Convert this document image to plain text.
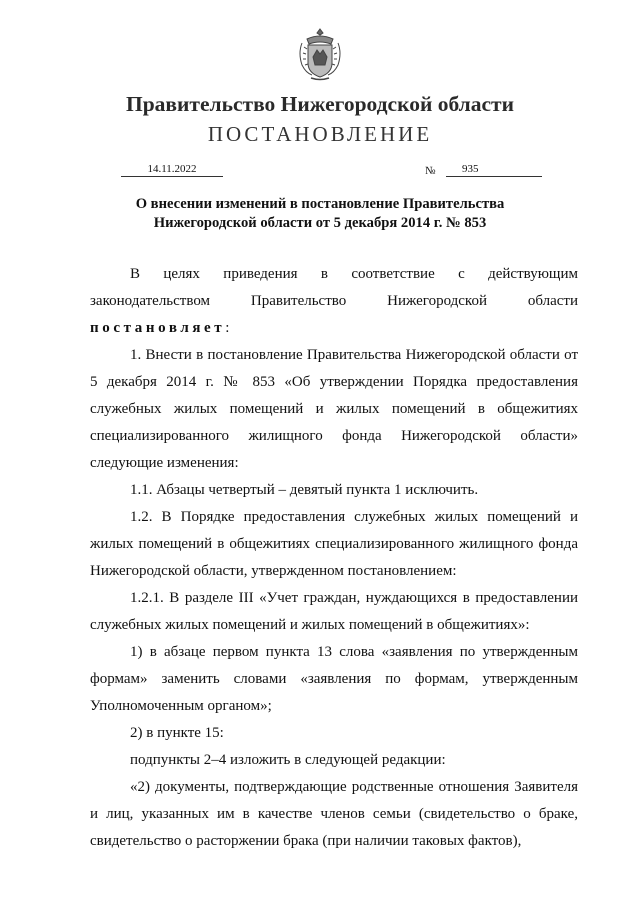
Правительство Нижегородской области
ПОСТАНОВЛЕНИЕ
14.11.2022	№	935
О внесении изменений в постановление Правительства
Нижегородской области от 5 декабря 2014 г. № 853

В целях приведения в соответствие с действующим законодательством Правительство Нижегородской области

постановляет:

1. Внести в постановление Правительства Нижегородской области от 5 декабря 2014 г. № 853 «Об утверждении Порядка предоставления служебных жилых помещений и жилых помещений в общежитиях специализированного жилищного фонда Нижегородской области» следующие изменения:

1.1. Абзацы четвертый – девятый пункта 1 исключить.

1.2. В Порядке предоставления служебных жилых помещений и жилых помещений в общежитиях специализированного жилищного фонда Нижегородской области, утвержденном постановлением:

1.2.1. В разделе III «Учет граждан, нуждающихся в предоставлении служебных жилых помещений и жилых помещений в общежитиях»:

1) в абзаце первом пункта 13 слова «заявления по утвержденным формам» заменить словами «заявления по формам, утвержденным Уполномоченным органом»;

2) в пункте 15:

подпункты 2–4 изложить в следующей редакции:

«2) документы, подтверждающие родственные отношения Заявителя и лиц, указанных им в качестве членов семьи (свидетельство о браке, свидетельство о расторжении брака (при наличии таковых фактов),
